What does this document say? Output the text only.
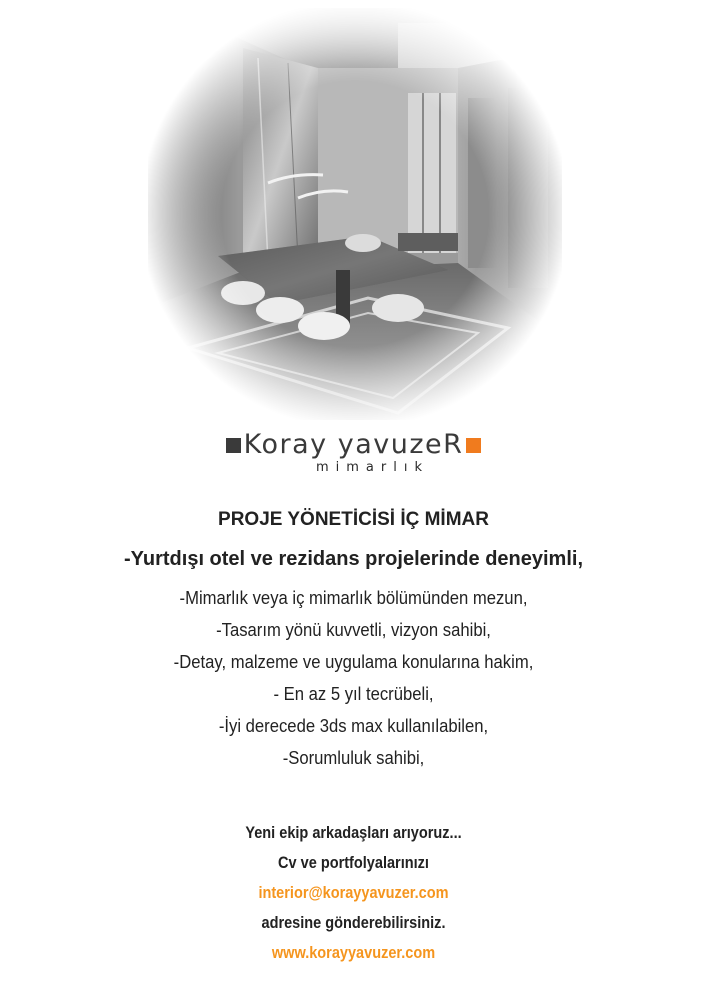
Koray yavuzeR
mimarlık
PROJE YÖNETİCİSİ İÇ MİMAR
-Yurtdışı otel ve rezidans projelerinde deneyimli,
-Mimarlık veya iç mimarlık bölümünden mezun,
-Tasarım yönü kuvvetli, vizyon sahibi,
-Detay, malzeme ve uygulama konularına hakim,
- En az 5 yıl tecrübeli,
-İyi derecede 3ds max kullanılabilen,
-Sorumluluk sahibi,
Yeni ekip arkadaşları arıyoruz...
Cv ve portfolyalarınızı
interior@korayyavuzer.com
adresine gönderebilirsiniz.
www.korayyavuzer.com
